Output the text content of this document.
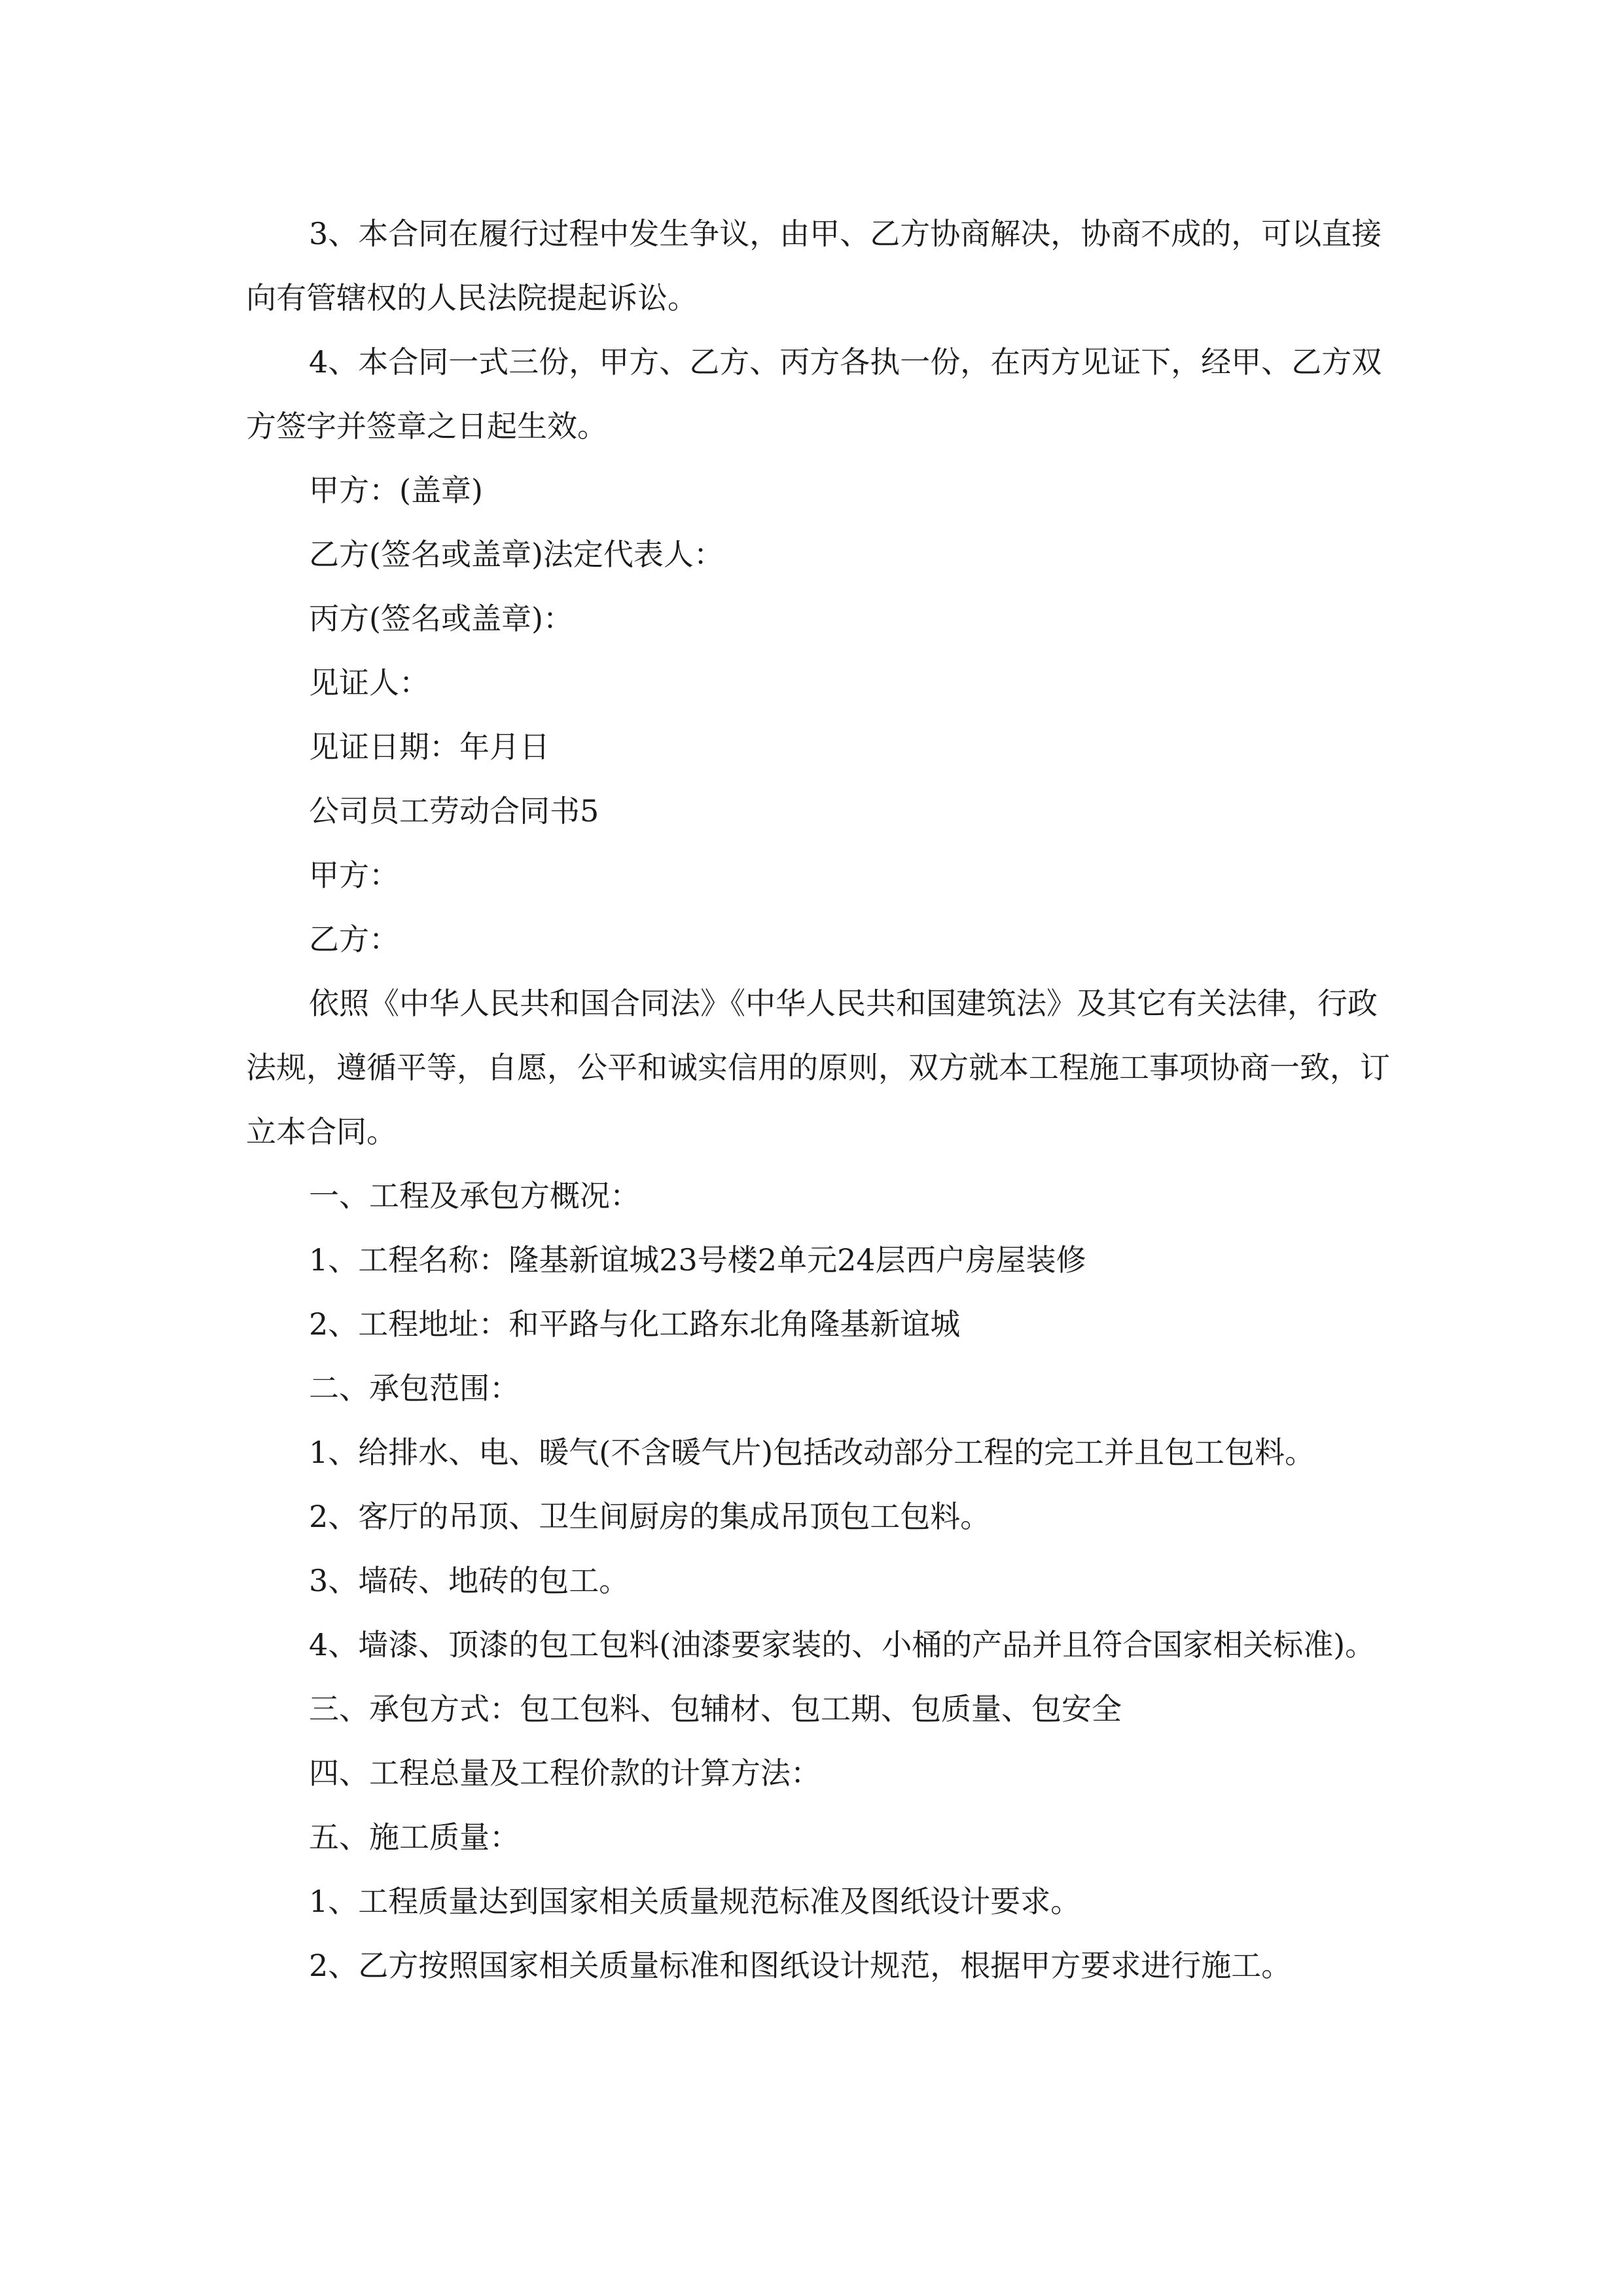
3、本合同在履行过程中发生争议，由甲、乙方协商解决，协商不成的，可以直接向有管辖权的人民法院提起诉讼。

4、本合同一式三份，甲方、乙方、丙方各执一份，在丙方见证下，经甲、乙方双方签字并签章之日起生效。

甲方：(盖章)

乙方(签名或盖章)法定代表人：

丙方(签名或盖章)：

见证人：

见证日期：年月日

公司员工劳动合同书5

甲方：

乙方：

依照《中华人民共和国合同法》《中华人民共和国建筑法》及其它有关法律，行政法规，遵循平等，自愿，公平和诚实信用的原则，双方就本工程施工事项协商一致，订立本合同。

一、工程及承包方概况：

1、工程名称：隆基新谊城23号楼2单元24层西户房屋装修

2、工程地址：和平路与化工路东北角隆基新谊城

二、承包范围：

1、给排水、电、暖气(不含暖气片)包括改动部分工程的完工并且包工包料。

2、客厅的吊顶、卫生间厨房的集成吊顶包工包料。

3、墙砖、地砖的包工。

4、墙漆、顶漆的包工包料(油漆要家装的、小桶的产品并且符合国家相关标准)。

三、承包方式：包工包料、包辅材、包工期、包质量、包安全

四、工程总量及工程价款的计算方法：

五、施工质量：

1、工程质量达到国家相关质量规范标准及图纸设计要求。

2、乙方按照国家相关质量标准和图纸设计规范，根据甲方要求进行施工。
